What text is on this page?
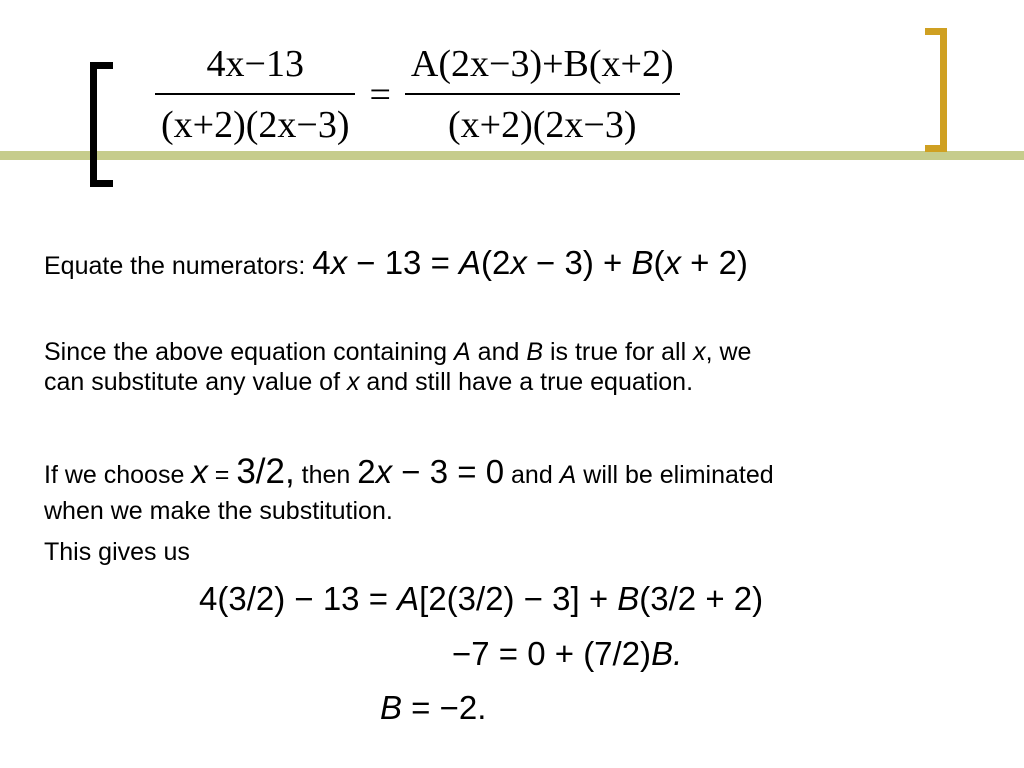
$\frac{4x-13}{(x+2)(2x-3)} = \frac{A(2x-3)+B(x+2)}{(x+2)(2x-3)}$
Equate the numerators: 4x − 13 = A(2x − 3) + B(x + 2)
Since the above equation containing A and B is true for all x, we
can substitute any value of x and still have a true equation.
If we choose x = 3/2, then 2x − 3 = 0 and A will be eliminated
when we make the substitution.
This gives us
4(3/2) − 13 = A[2(3/2) − 3] + B(3/2 + 2)
−7 = 0 + (7/2)B.
B = −2.
